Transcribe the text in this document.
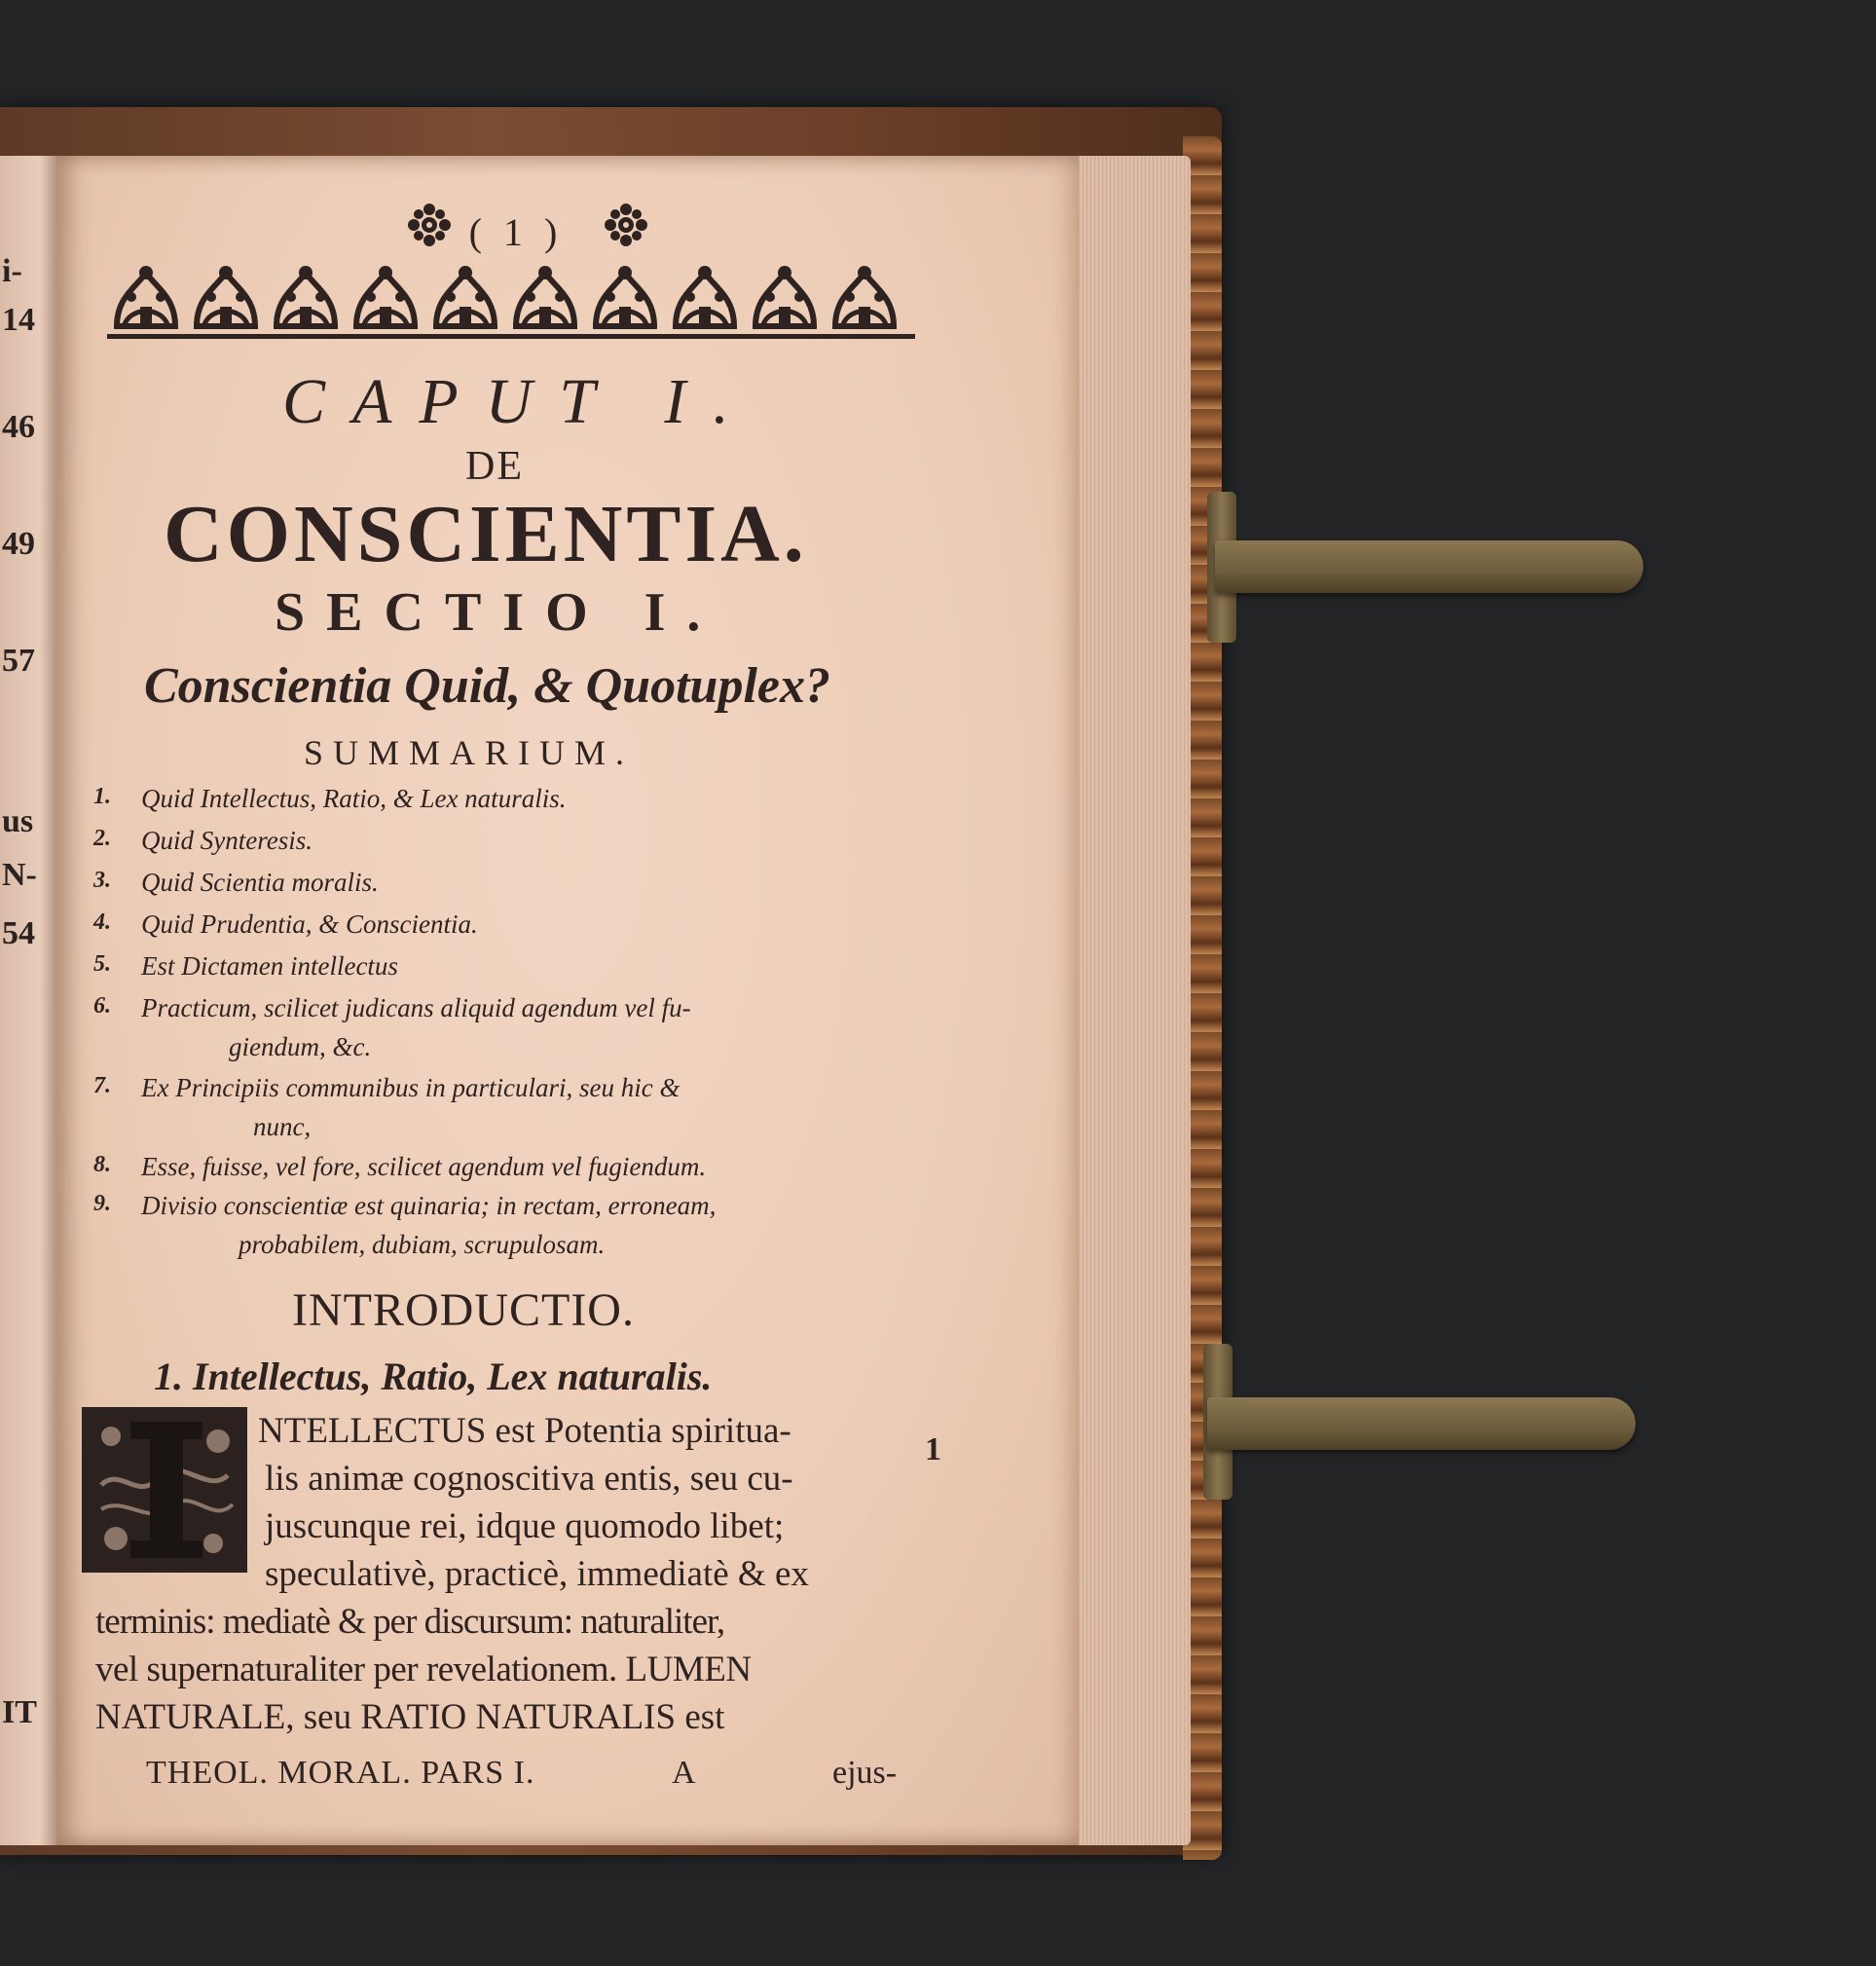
i-
14
46
49
57
us
N-
54
IT
( 1 )
CAPUT I.
DE
CONSCIENTIA.
SECTIO I.
Conscientia Quid, & Quotuplex?
SUMMARIUM.
1. Quid Intellectus, Ratio, & Lex naturalis.
2. Quid Synteresis.
3. Quid Scientia moralis.
4. Quid Prudentia, & Conscientia.
5. Est Dictamen intellectus
6. Practicum, scilicet judicans aliquid agendum vel fu-
giendum, &c.
7. Ex Principiis communibus in particulari, seu hic &
nunc,
8. Esse, fuisse, vel fore, scilicet agendum vel fugiendum.
9. Divisio conscientiæ est quinaria; in rectam, erroneam,
probabilem, dubiam, scrupulosam.
INTRODUCTIO.
1. Intellectus, Ratio, Lex naturalis.
1
NTELLECTUS est Potentia spiritua-
lis animæ cognoscitiva entis, seu cu-
juscunque rei, idque quomodo libet;
speculativè, practicè, immediatè & ex
terminis: mediatè & per discursum: naturaliter,
vel supernaturaliter per revelationem. LUMEN
NATURALE, seu RATIO NATURALIS est
THEOL. MORAL. PARS I.	A	ejus-
